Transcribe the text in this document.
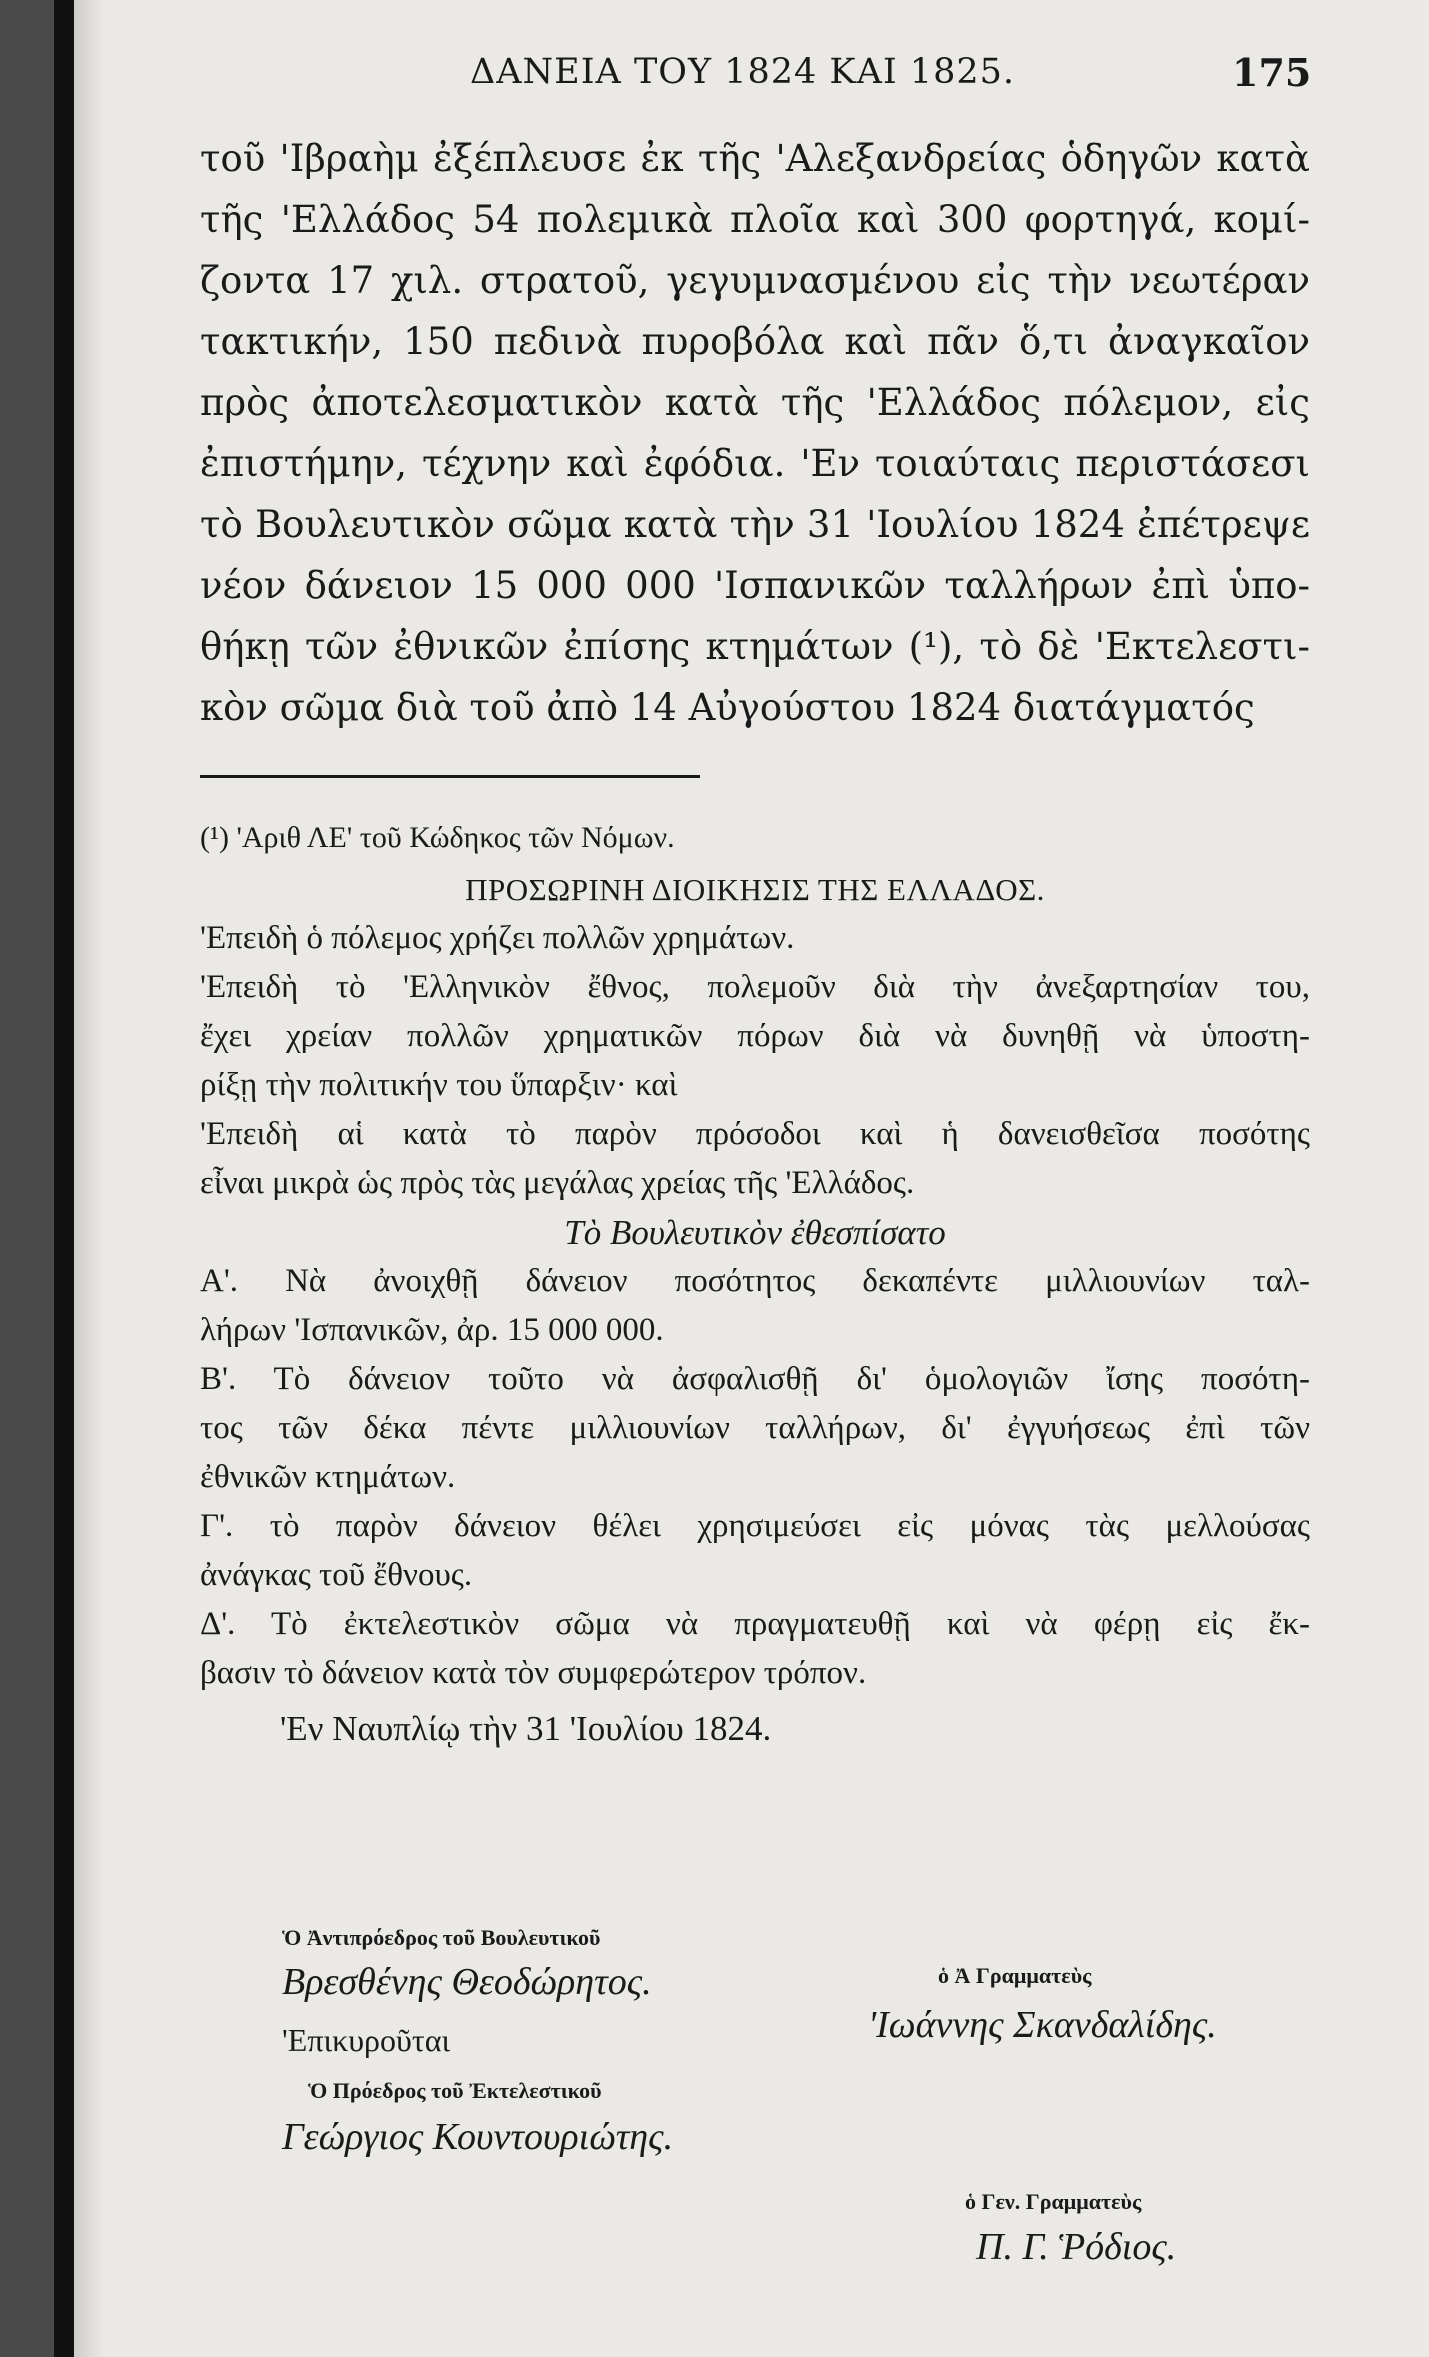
ΔΑΝΕΙΑ ΤΟΥ 1824 ΚΑΙ 1825.	175
τοῦ 'Ιβραὴμ ἐξέπλευσε ἐκ τῆς 'Αλεξανδρείας ὁδηγῶν κατὰ
τῆς 'Ελλάδος 54 πολεμικὰ πλοῖα καὶ 300 φορτηγά, κομί-
ζοντα 17 χιλ. στρατοῦ, γεγυμνασμένου εἰς τὴν νεωτέραν
τακτικήν, 150 πεδινὰ πυροβόλα καὶ πᾶν ὅ,τι ἀναγκαῖον
πρὸς ἀποτελεσματικὸν κατὰ τῆς 'Ελλάδος πόλεμον, εἰς
ἐπιστήμην, τέχνην καὶ ἐφόδια. 'Εν τοιαύταις περιστάσεσι
τὸ Βουλευτικὸν σῶμα κατὰ τὴν 31 'Ιουλίου 1824 ἐπέτρεψε
νέον δάνειον 15 000 000 'Ισπανικῶν ταλλήρων ἐπὶ ὑπο-
θήκῃ τῶν ἐθνικῶν ἐπίσης κτημάτων (¹), τὸ δὲ 'Εκτελεστι-
κὸν σῶμα διὰ τοῦ ἀπὸ 14 Αὐγούστου 1824 διατάγματός
(¹) 'Αριθ ΛΕ' τοῦ Κώδηκος τῶν Νόμων.
ΠΡΟΣΩΡΙΝΗ ΔΙΟΙΚΗΣΙΣ ΤΗΣ ΕΛΛΑΔΟΣ.
'Επειδὴ ὁ πόλεμος χρήζει πολλῶν χρημάτων.
'Επειδὴ τὸ 'Ελληνικὸν ἔθνος, πολεμοῦν διὰ τὴν ἀνεξαρτησίαν του,
ἔχει χρείαν πολλῶν χρηματικῶν πόρων διὰ νὰ δυνηθῇ νὰ ὑποστη-
ρίξῃ τὴν πολιτικήν του ὕπαρξιν· καὶ
'Επειδὴ αἱ κατὰ τὸ παρὸν πρόσοδοι καὶ ἡ δανεισθεῖσα ποσότης
εἶναι μικρὰ ὡς πρὸς τὰς μεγάλας χρείας τῆς 'Ελλάδος.
Τὸ Βουλευτικὸν ἐθεσπίσατο
Α'. Νὰ ἀνοιχθῇ δάνειον ποσότητος δεκαπέντε μιλλιουνίων ταλ-
λήρων 'Ισπανικῶν, ἀρ. 15 000 000.
Β'. Τὸ δάνειον τοῦτο νὰ ἀσφαλισθῇ δι' ὁμολογιῶν ἴσης ποσότη-
τος τῶν δέκα πέντε μιλλιουνίων ταλλήρων, δι' ἐγγυήσεως ἐπὶ τῶν
ἐθνικῶν κτημάτων.
Γ'. τὸ παρὸν δάνειον θέλει χρησιμεύσει εἰς μόνας τὰς μελλούσας
ἀνάγκας τοῦ ἔθνους.
Δ'. Τὸ ἐκτελεστικὸν σῶμα νὰ πραγματευθῇ καὶ νὰ φέρῃ εἰς ἔκ-
βασιν τὸ δάνειον κατὰ τὸν συμφερώτερον τρόπον.
'Εν Ναυπλίῳ τὴν 31 'Ιουλίου 1824.
Ὁ Ἀντιπρόεδρος τοῦ Βουλευτικοῦ
Βρεσθένης Θεοδώρητος.
'Επικυροῦται
ὁ Ἀ Γραμματεὺς
'Ιωάννης Σκανδαλίδης.
Ὁ Πρόεδρος τοῦ Ἐκτελεστικοῦ
Γεώργιος Κουντουριώτης.
ὁ Γεν. Γραμματεὺς
Π. Γ. Ῥόδιος.
